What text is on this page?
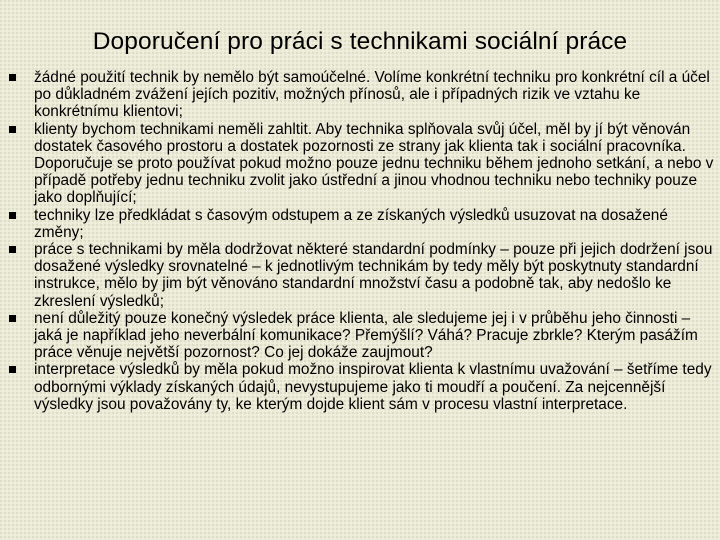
Doporučení pro práci s technikami sociální práce
žádné použití technik by nemělo být samoúčelné. Volíme konkrétní techniku pro konkrétní cíl a účel po důkladném zvážení jejích pozitiv, možných přínosů, ale i případných rizik ve vztahu ke konkrétnímu klientovi;
klienty bychom technikami neměli zahltit. Aby technika splňovala svůj účel, měl by jí být věnován dostatek časového prostoru a dostatek pozornosti ze strany jak klienta tak i sociální pracovníka. Doporučuje se proto používat pokud možno pouze jednu techniku během jednoho setkání, a nebo v případě potřeby jednu techniku zvolit jako ústřední a jinou vhodnou techniku nebo techniky pouze jako doplňující;
techniky lze předkládat s časovým odstupem a ze získaných výsledků usuzovat na dosažené změny;
práce s technikami by měla dodržovat některé standardní podmínky – pouze při jejich dodržení jsou dosažené výsledky srovnatelné – k jednotlivým technikám by tedy měly být poskytnuty standardní instrukce, mělo by jim být věnováno standardní množství času a podobně tak, aby nedošlo ke zkreslení výsledků;
není důležitý pouze konečný výsledek práce klienta, ale sledujeme jej i v průběhu jeho činnosti – jaká je například jeho neverbální komunikace? Přemýšlí? Váhá? Pracuje zbrkle? Kterým pasážím práce věnuje největší pozornost? Co jej dokáže zaujmout?
interpretace výsledků by měla pokud možno inspirovat klienta k vlastnímu uvažování – šetříme tedy odbornými výklady získaných údajů, nevystupujeme jako ti moudří a poučení. Za nejcennější výsledky jsou považovány ty, ke kterým dojde klient sám v procesu vlastní interpretace.
